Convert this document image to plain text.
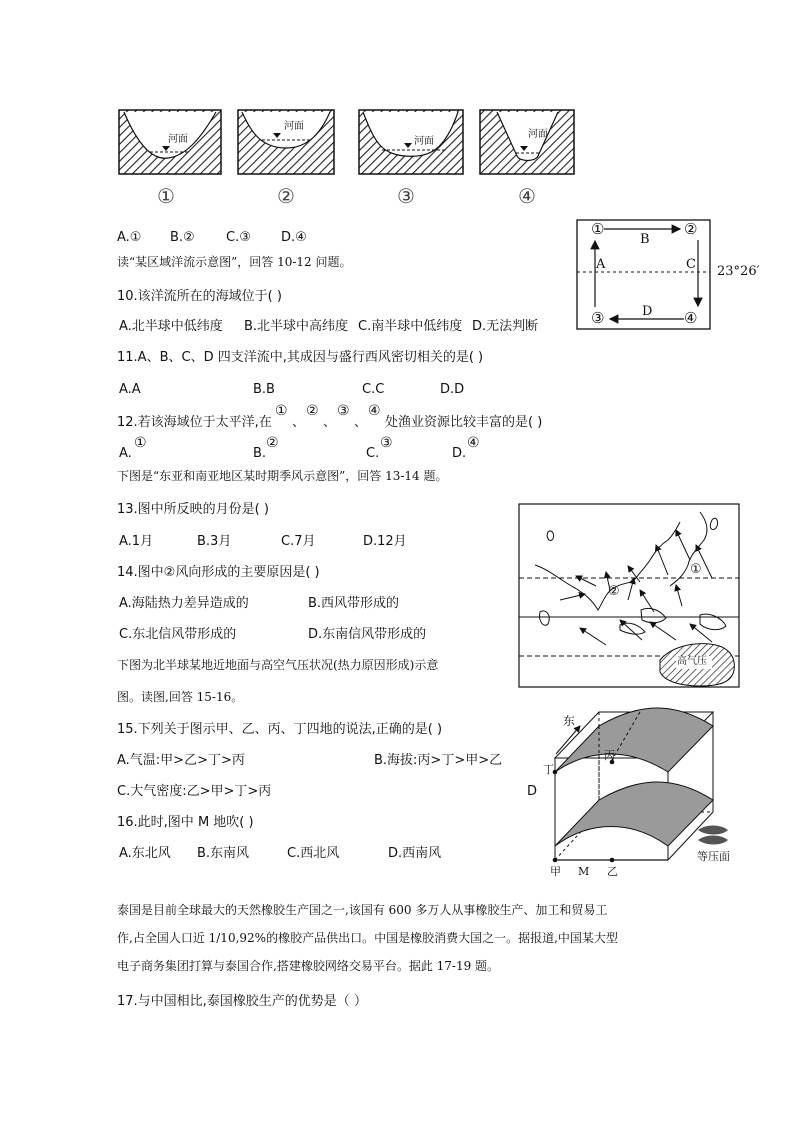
河面
河面
河面
河面
①	②	③	④
A.① B.② C.③ D.④
读“某区域洋流示意图”，回答 10-12 问题。
①	②
③	④
A
B
C
D
23°26′
10.该洋流所在的海域位于( )
A.北半球中低纬度 B.北半球中高纬度 C.南半球中低纬度 D.无法判断
11.A、B、C、D 四支洋流中,其成因与盛行西风密切相关的是( )
A.A	B.B	C.C	D.D
12.若该海域位于太平洋,在
①
、
②
、
③
、
④
处渔业资源比较丰富的是( )
A.
①
B.
②
C.
③
D.
④
下图是“东亚和南亚地区某时期季风示意图”，回答 13-14 题。
①
②
高气压
13.图中所反映的月份是( )
A.1月	B.3月	C.7月	D.12月
14.图中②风向形成的主要原因是( )
A.海陆热力差异造成的	B.西风带形成的
C.东北信风带形成的	D.东南信风带形成的
下图为北半球某地近地面与高空气压状况(热力原因形成)示意
图。读图,回答 15-16。
东
丁
丙
甲 M 乙
等压面
15.下列关于图示甲、乙、丙、丁四地的说法,正确的是( )
A.气温:甲>乙>丁>丙	B.海拔:丙>丁>甲>乙
C.大气密度:乙>甲>丁>丙	D
16.此时,图中 M 地吹( )
A.东北风 B.东南风	C.西北风	D.西南风
泰国是目前全球最大的天然橡胶生产国之一,该国有 600 多万人从事橡胶生产、加工和贸易工
作,占全国人口近 1/10,92%的橡胶产品供出口。中国是橡胶消费大国之一。据报道,中国某大型
电子商务集团打算与泰国合作,搭建橡胶网络交易平台。据此 17-19 题。
17.与中国相比,泰国橡胶生产的优势是（ ）
